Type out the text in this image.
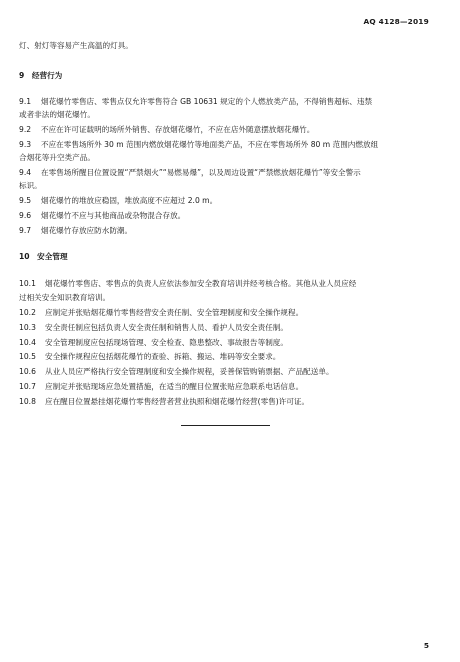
AQ 4128—2019
灯、射灯等容易产生高温的灯具。
9　经营行为
9.1 烟花爆竹零售店、零售点仅允许零售符合 GB 10631 规定的个人燃放类产品，不得销售超标、违禁
或者非法的烟花爆竹。
9.2 不应在许可证载明的场所外销售、存放烟花爆竹，不应在店外随意摆放烟花爆竹。
9.3 不应在零售场所外 30 m 范围内燃放烟花爆竹等地面类产品，不应在零售场所外 80 m 范围内燃放组
合烟花等升空类产品。
9.4 在零售场所醒目位置设置“严禁烟火”“易燃易爆”，以及周边设置“严禁燃放烟花爆竹”等安全警示
标识。
9.5 烟花爆竹的堆放应稳固，堆放高度不应超过 2.0 m。
9.6 烟花爆竹不应与其他商品或杂物混合存放。
9.7 烟花爆竹存放应防水防潮。
10　安全管理
10.1 烟花爆竹零售店、零售点的负责人应依法参加安全教育培训并经考核合格。其他从业人员应经
过相关安全知识教育培训。
10.2 应制定并张贴烟花爆竹零售经营安全责任制、安全管理制度和安全操作规程。
10.3 安全责任制应包括负责人安全责任制和销售人员、看护人员安全责任制。
10.4 安全管理制度应包括现场管理、安全检查、隐患整改、事故报告等制度。
10.5 安全操作规程应包括烟花爆竹的查验、拆箱、搬运、堆码等安全要求。
10.6 从业人员应严格执行安全管理制度和安全操作规程，妥善保管购销票据、产品配送单。
10.7 应制定并张贴现场应急处置措施，在适当的醒目位置张贴应急联系电话信息。
10.8 应在醒目位置悬挂烟花爆竹零售经营者营业执照和烟花爆竹经营(零售)许可证。
5
